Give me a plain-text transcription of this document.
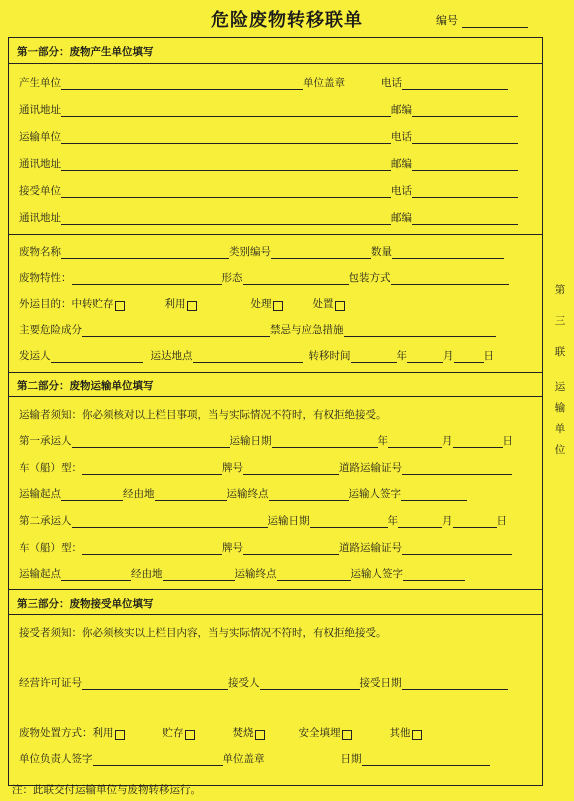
危险废物转移联单	编号
第一部分：废物产生单位填写
产生单位	单位盖章	电话
通讯地址	邮编
运输单位	电话
通讯地址	邮编
接受单位	电话
通讯地址	邮编
废物名称	类别编号	数量
废物特性：	形态	包装方式
外运目的：中转贮存	利用	处理	处置
主要危险成分	禁忌与应急措施
发运人	运达地点	转移时间	年	月	日
第二部分：废物运输单位填写
运输者须知：你必须核对以上栏目事项，当与实际情况不符时，有权拒绝接受。
第一承运人	运输日期	年	月	日
车（船）型：	牌号	道路运输证号
运输起点	经由地	运输终点	运输人签字
第二承运人	运输日期	年	月	日
车（船）型：	牌号	道路运输证号
运输起点	经由地	运输终点	运输人签字
第三部分：废物接受单位填写
接受者须知：你必须核实以上栏目内容，当与实际情况不符时，有权拒绝接受。
经营许可证号	接受人	接受日期
废物处置方式：利用	贮存	焚烧	安全填埋	其他
单位负责人签字	单位盖章	日期
第
三
联
运
输
单
位
注：此联交付运输单位与废物转移运行。
